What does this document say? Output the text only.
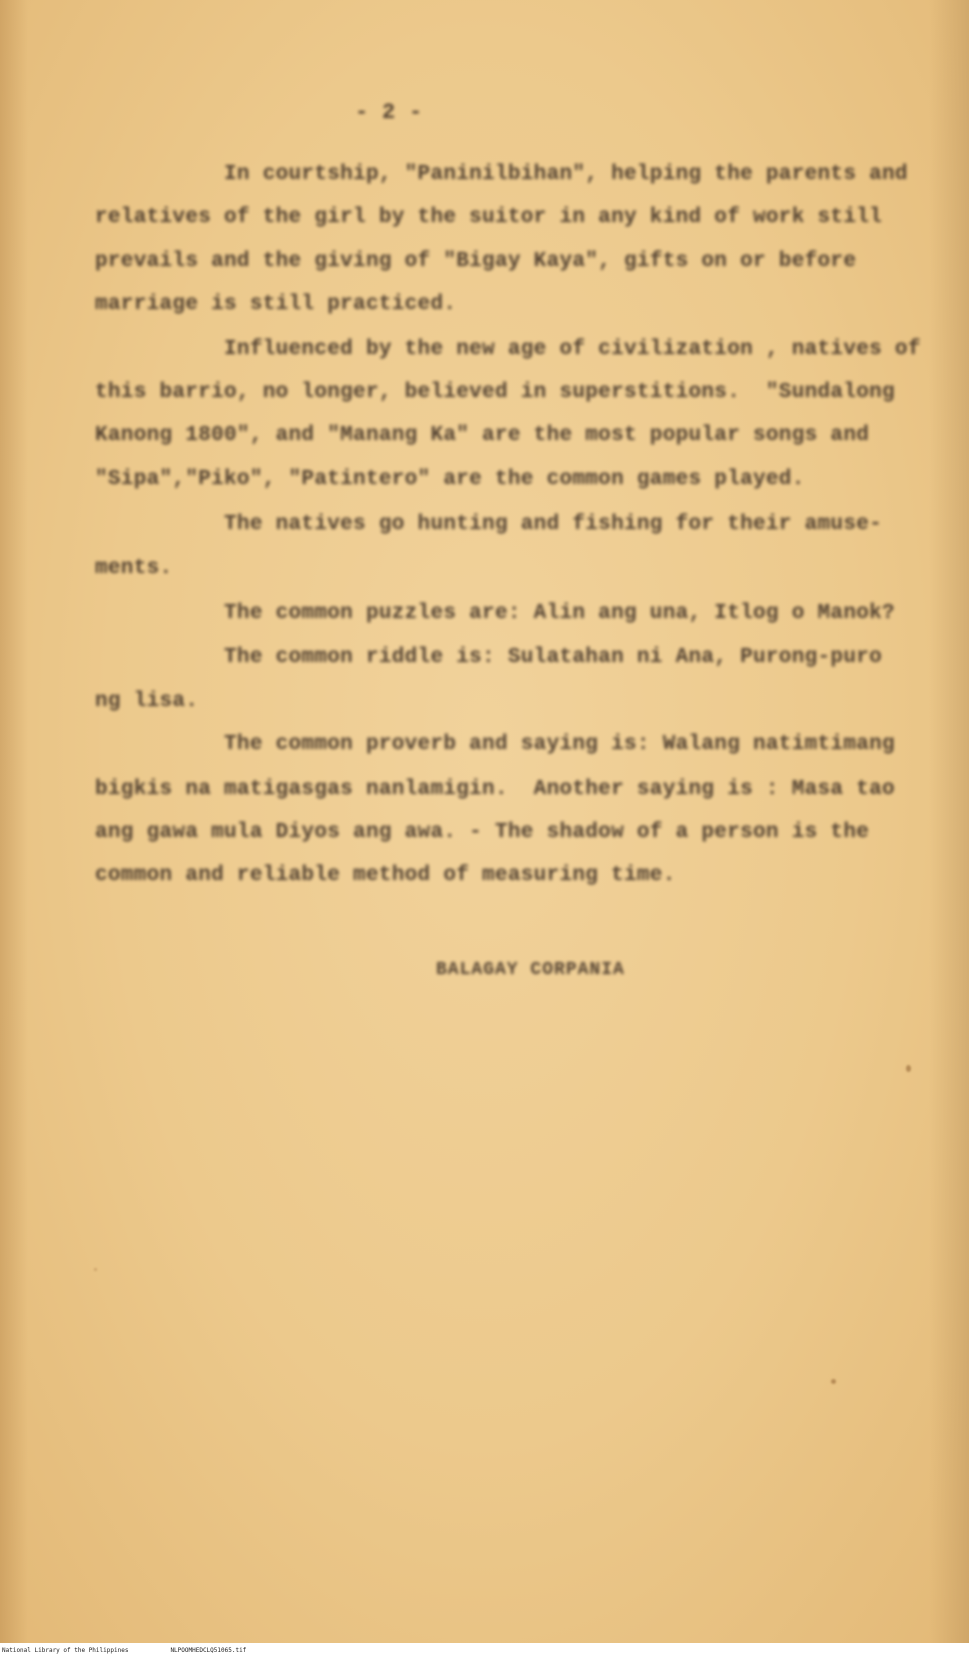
- 2 -
In courtship, "Paninilbihan", helping the parents and
relatives of the girl by the suitor in any kind of work still
prevails and the giving of "Bigay Kaya", gifts on or before
marriage is still practiced.
Influenced by the new age of civilization , natives of
this barrio, no longer, believed in superstitions.  "Sundalong
Kanong 1800", and "Manang Ka" are the most popular songs and
"Sipa","Piko", "Patintero" are the common games played.
The natives go hunting and fishing for their amuse-
ments.
The common puzzles are: Alin ang una, Itlog o Manok?
The common riddle is: Sulatahan ni Ana, Purong-puro
ng lisa.
The common proverb and saying is: Walang natimtimang
bigkis na matigasgas nanlamigin.  Another saying is : Masa tao
ang gawa mula Diyos ang awa. - The shadow of a person is the
common and reliable method of measuring time.
BALAGAY CORPANIA
National Library of the Philippines	NLPOOMHEDCLQ51065.tif
